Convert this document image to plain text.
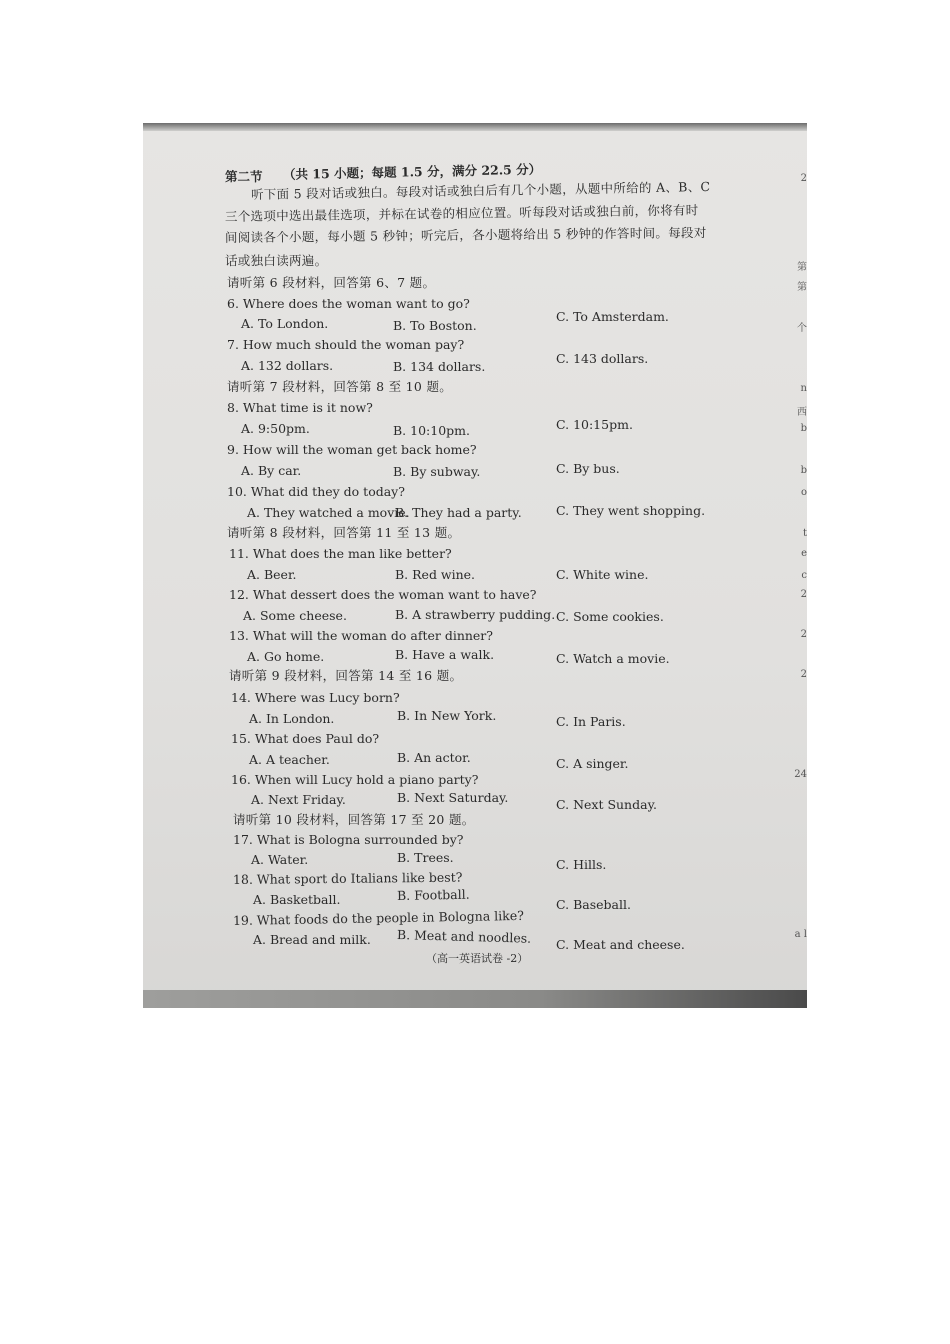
第二节 （共 15 小题；每题 1.5 分，满分 22.5 分）
听下面 5 段对话或独白。每段对话或独白后有几个小题，从题中所给的 A、B、C
三个选项中选出最佳选项，并标在试卷的相应位置。听每段对话或独白前，你将有时
间阅读各个小题，每小题 5 秒钟；听完后，各小题将给出 5 秒钟的作答时间。每段对
话或独白读两遍。
请听第 6 段材料，回答第 6、7 题。
6. Where does the woman want to go?
A. To London.	B. To Boston.
C. To Amsterdam.
7. How much should the woman pay?
A. 132 dollars.	B. 134 dollars.
C. 143 dollars.
请听第 7 段材料，回答第 8 至 10 题。
8. What time is it now?
A. 9:50pm.	B. 10:10pm.	C. 10:15pm.
9. How will the woman get back home?
A. By car.	B. By subway.	C. By bus.
10. What did they do today?
A. They watched a movie.
B. They had a party.	C. They went shopping.
请听第 8 段材料，回答第 11 至 13 题。
11. What does the man like better?
A. Beer.	B. Red wine.	C. White wine.
12. What dessert does the woman want to have?
A. Some cheese.	B. A strawberry pudding. C. Some cookies.
13. What will the woman do after dinner?
A. Go home.	B. Have a walk.	C. Watch a movie.
请听第 9 段材料，回答第 14 至 16 题。
14. Where was Lucy born?
A. In London.	B. In New York.	C. In Paris.
15. What does Paul do?
A. A teacher.	B. An actor.	C. A singer.
16. When will Lucy hold a piano party?
A. Next Friday.	B. Next Saturday.	C. Next Sunday.
请听第 10 段材料，回答第 17 至 20 题。
17. What is Bologna surrounded by?
A. Water.	B. Trees.	C. Hills.
18. What sport do Italians like best?
A. Basketball.	B. Football.
C. Baseball.
19. What foods do the people in Bologna like?
A. Bread and milk. B. Meat and noodles. C. Meat and cheese.
（高一英语试卷 -2）
2
第
第
个
n
西
b
b
o
t
e
c
2
2
2
24
a l
